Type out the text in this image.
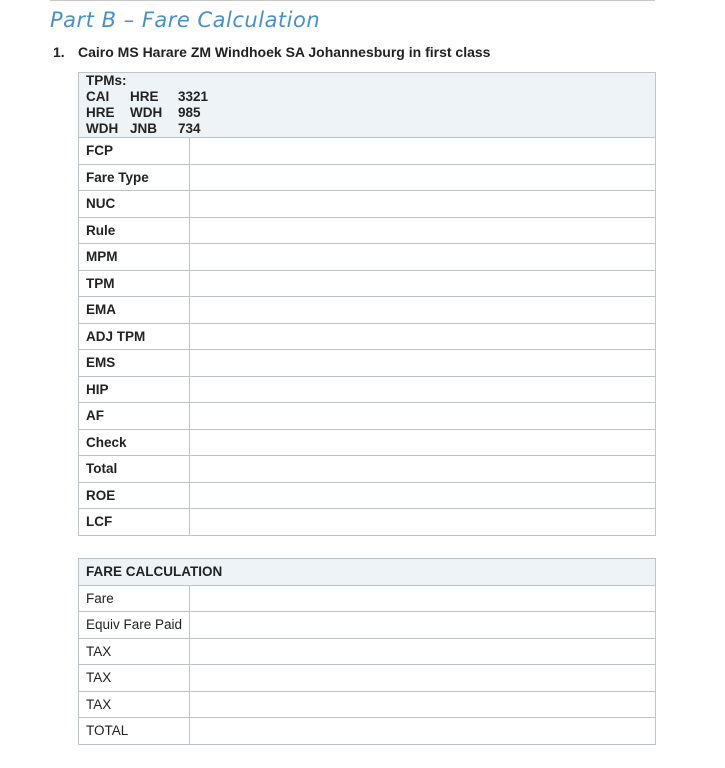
Part B – Fare Calculation
1. Cairo MS Harare ZM Windhoek SA Johannesburg in first class
TPMs:
CAI HRE 3321
HRE WDH 985
WDH JNB 734	

FCP	
Fare Type	
NUC	
Rule	
MPM	
TPM	
EMA	
ADJ TPM	
EMS	
HIP	
AF	
Check	
Total	
ROE	
LCF	
FARE CALCULATION	
Fare	
Equiv Fare Paid	
TAX	
TAX	
TAX	
TOTAL	
